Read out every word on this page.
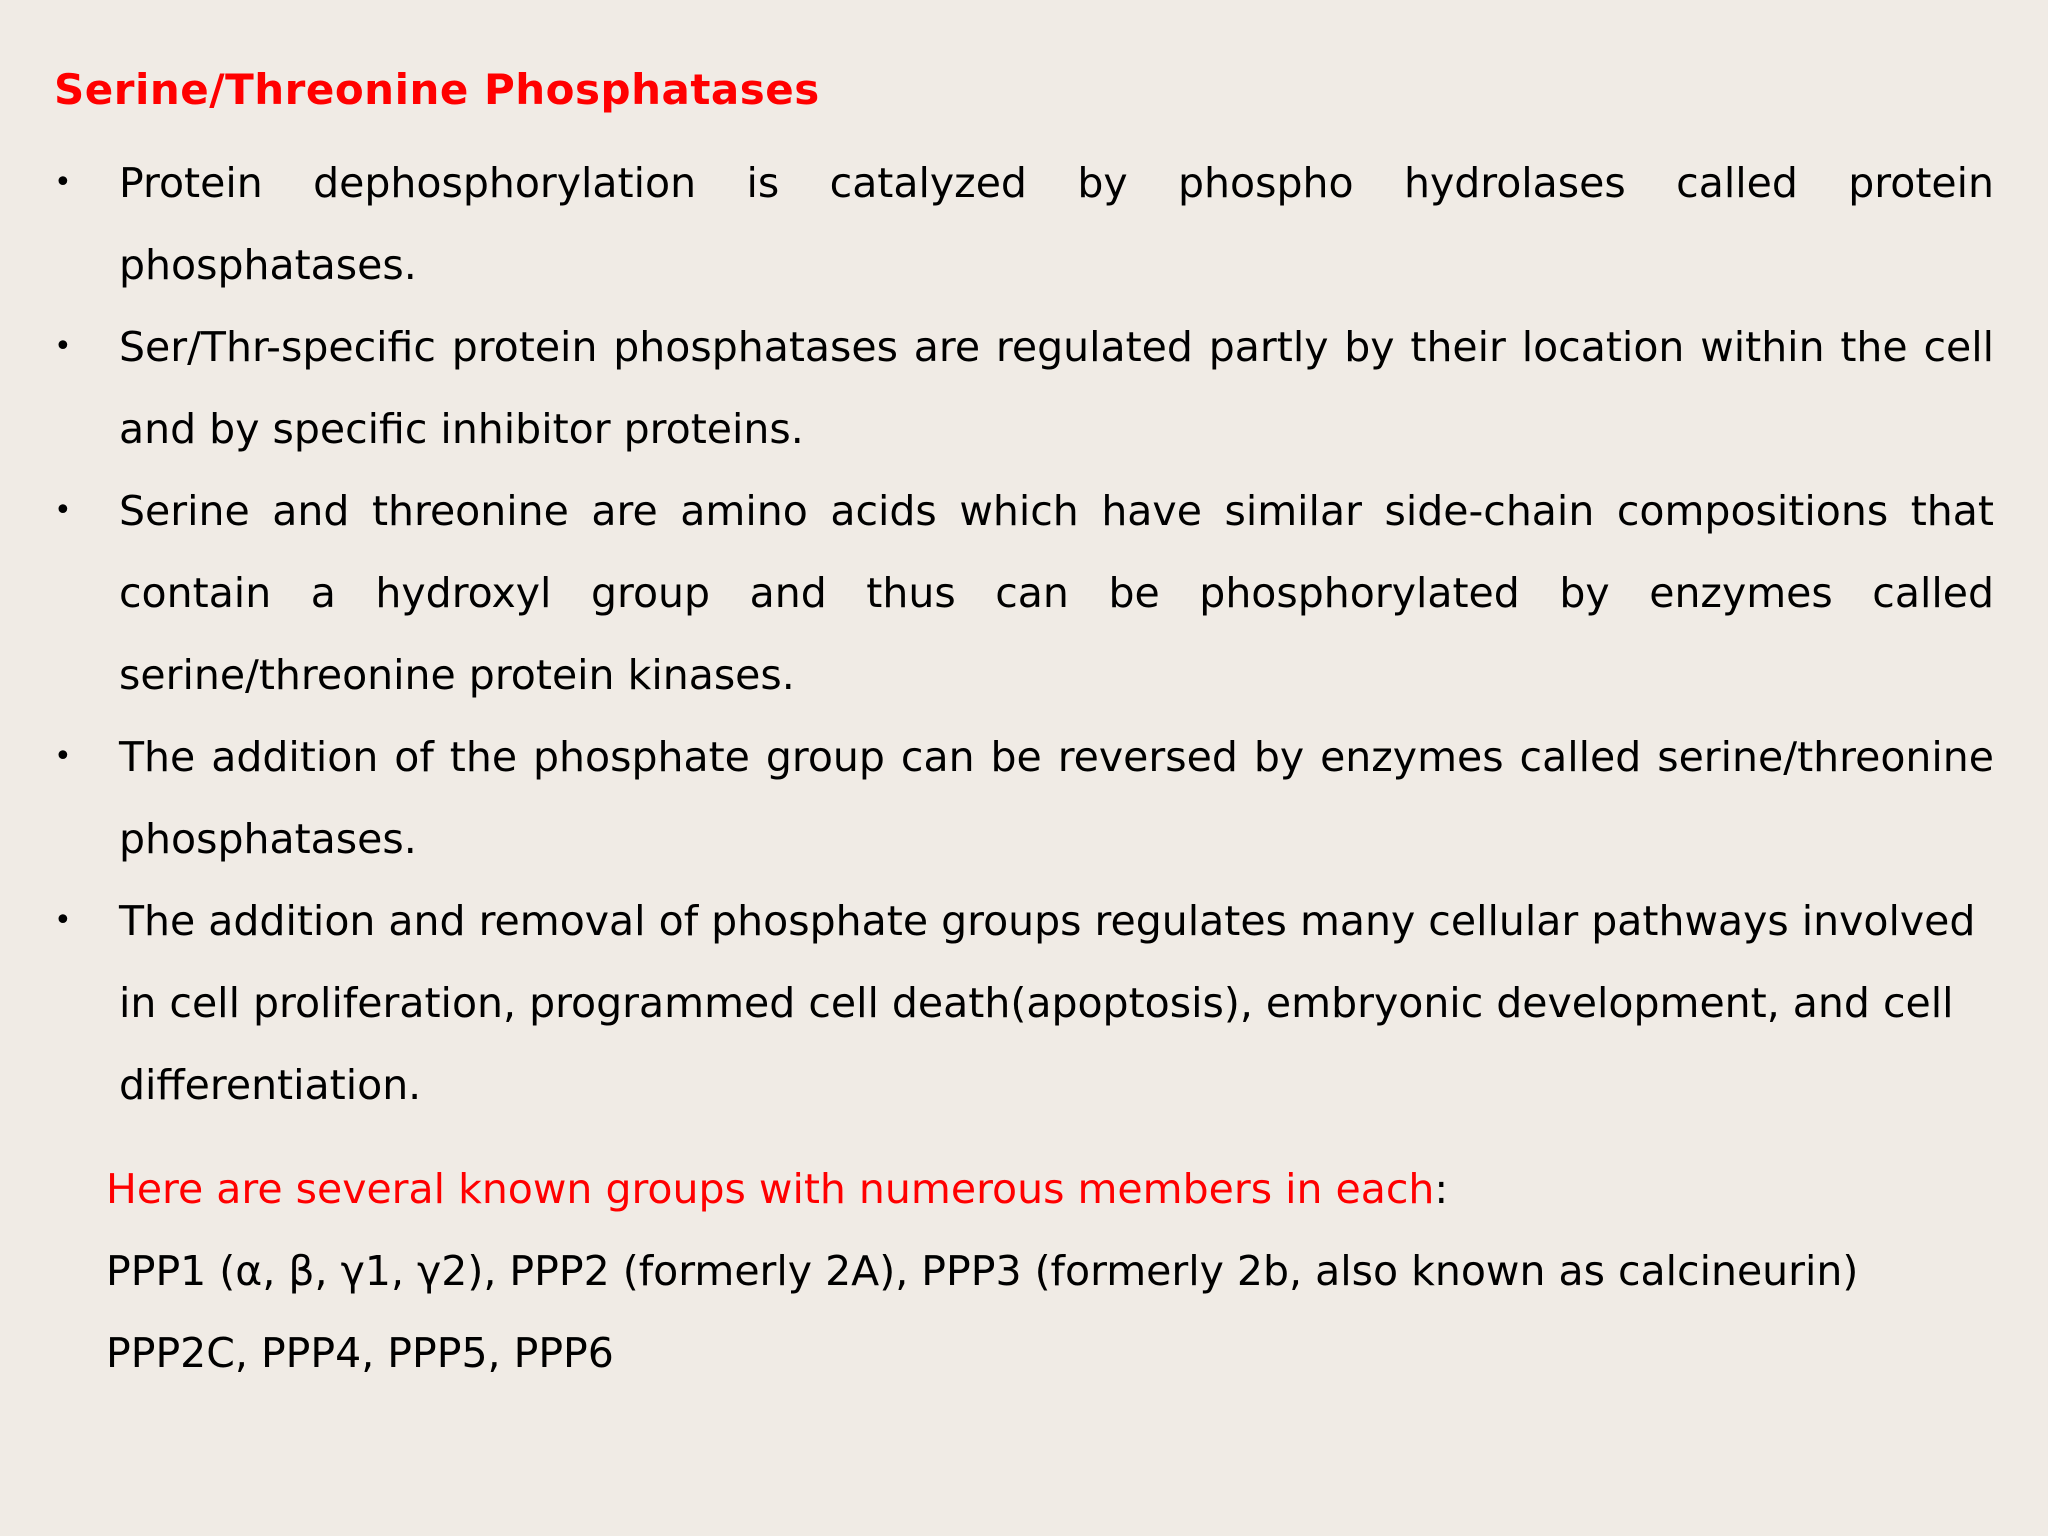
Serine/Threonine Phosphatases
• Protein dephosphorylation is catalyzed by phospho hydrolases called protein phosphatases.
• Ser/Thr-specific protein phosphatases are regulated partly by their location within the cell and by specific inhibitor proteins.
• Serine and threonine are amino acids which have similar side-chain compositions that contain a hydroxyl group and thus can be phosphorylated by enzymes called serine/threonine protein kinases.
• The addition of the phosphate group can be reversed by enzymes called serine/threonine phosphatases.
• The addition and removal of phosphate groups regulates many cellular pathways involved in cell proliferation, programmed cell death(apoptosis), embryonic development, and cell differentiation.
Here are several known groups with numerous members in each:
PPP1 (α, β, γ1, γ2), PPP2 (formerly 2A), PPP3 (formerly 2b, also known as calcineurin)
PPP2C, PPP4, PPP5, PPP6
